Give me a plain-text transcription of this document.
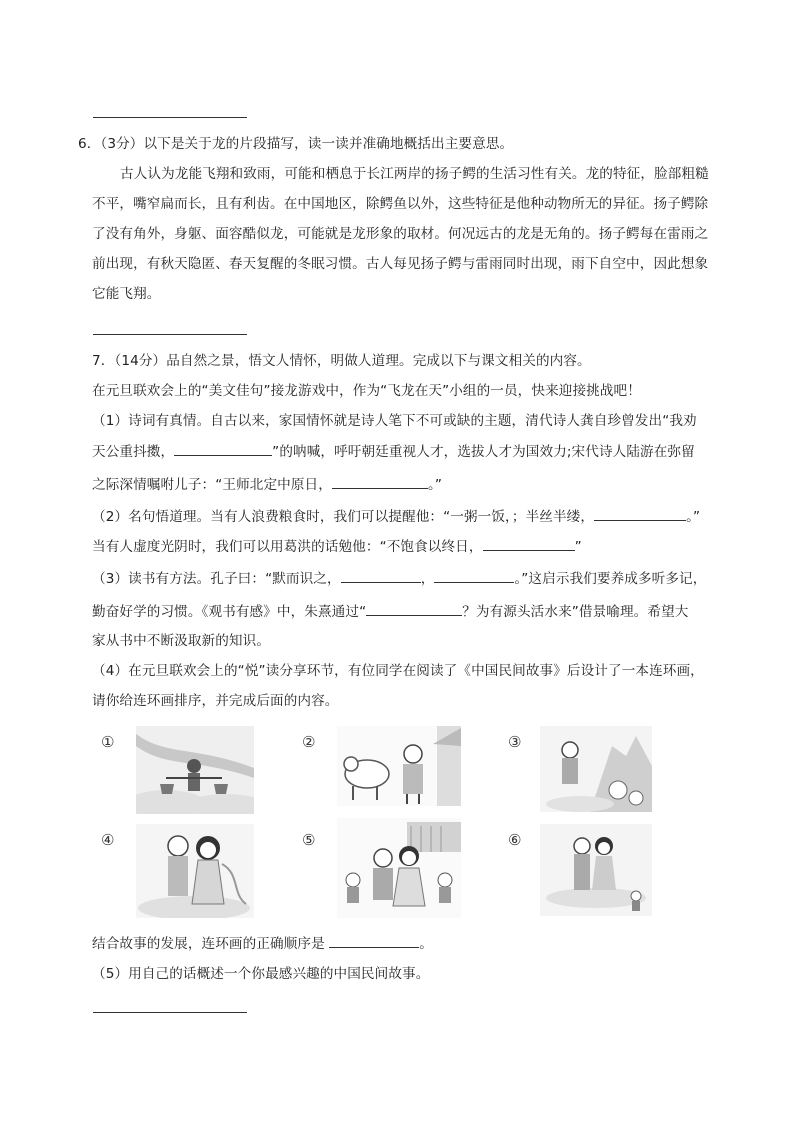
6．（3分）以下是关于龙的片段描写，读一读并准确地概括出主要意思。
古人认为龙能飞翔和致雨，可能和栖息于长江两岸的扬子鳄的生活习性有关。龙的特征，脸部粗糙
不平，嘴窄扁而长，且有利齿。在中国地区，除鳄鱼以外，这些特征是他种动物所无的异征。扬子鳄除
了没有角外，身躯、面容酷似龙，可能就是龙形象的取材。何况远古的龙是无角的。扬子鳄每在雷雨之
前出现，有秋天隐匿、春天复醒的冬眠习惯。古人每见扬子鳄与雷雨同时出现，雨下自空中，因此想象
它能飞翔。
7．（14分）品自然之景，悟文人情怀，明做人道理。完成以下与课文相关的内容。
在元旦联欢会上的“美文佳句”接龙游戏中，作为“飞龙在天”小组的一员，快来迎接挑战吧！
（1）诗词有真情。自古以来，家国情怀就是诗人笔下不可或缺的主题，清代诗人龚自珍曾发出“我劝
天公重抖擞，	”的呐喊，呼吁朝廷重视人才，选拔人才为国效力;宋代诗人陆游在弥留
之际深情嘱咐儿子：“王师北定中原日，	。”
（2）名句悟道理。当有人浪费粮食时，我们可以提醒他：“一粥一饭，；半丝半缕，	。”
当有人虚度光阴时，我们可以用葛洪的话勉他：“不饱食以终日，	”
（3）读书有方法。孔子曰：“默而识之，	，	。”这启示我们要养成多听多记，
勤奋好学的习惯。《观书有感》中，朱熹通过“	？为有源头活水来”借景喻理。希望大
家从书中不断汲取新的知识。
（4）在元旦联欢会上的“悦”读分享环节，有位同学在阅读了《中国民间故事》后设计了一本连环画，
请你给连环画排序，并完成后面的内容。
①	②	③
④	⑤	⑥
结合故事的发展，连环画的正确顺序是	。
（5）用自己的话概述一个你最感兴趣的中国民间故事。
